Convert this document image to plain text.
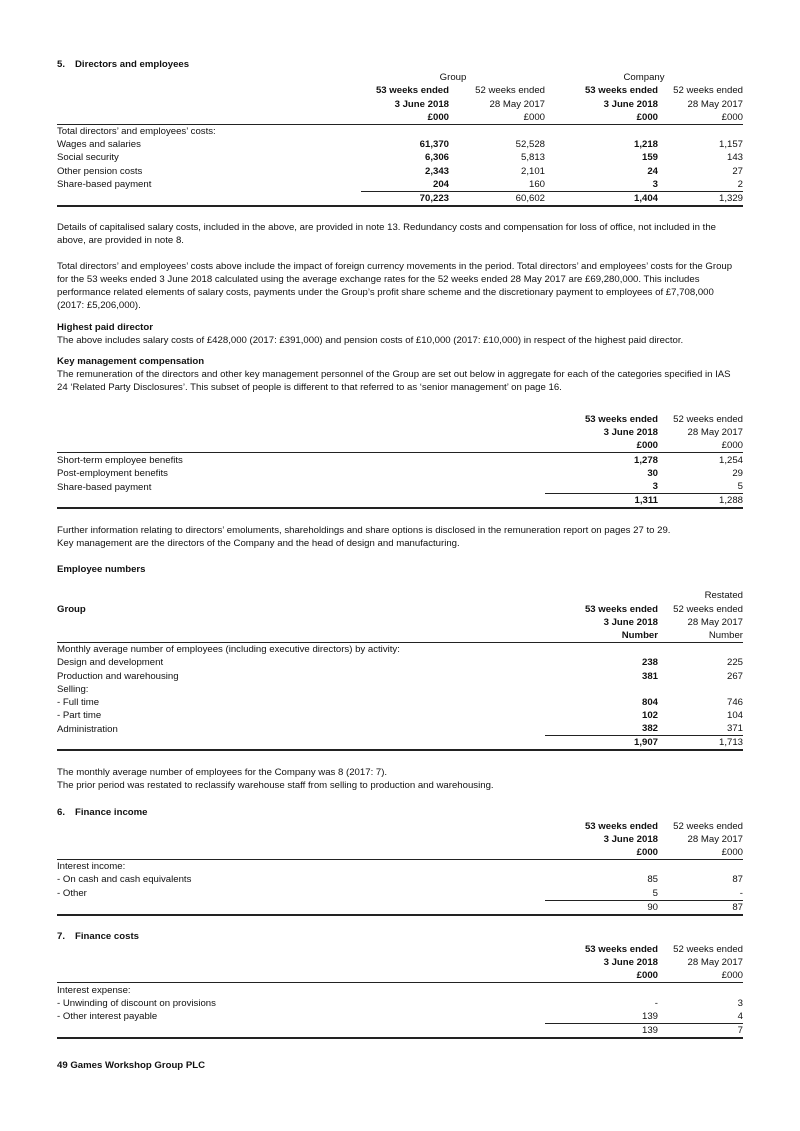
5. Directors and employees
	Group		Company	
	53 weeks ended	52 weeks ended	53 weeks ended	52 weeks ended
	3 June 2018	28 May 2017	3 June 2018	28 May 2017
	£000	£000	£000	£000
Total directors’ and employees’ costs:				
Wages and salaries	61,370	52,528	1,218	1,157
Social security	6,306	5,813	159	143
Other pension costs	2,343	2,101	24	27
Share-based payment	204	160	3	2
	70,223	60,602	1,404	1,329

Details of capitalised salary costs, included in the above, are provided in note 13. Redundancy costs and compensation for loss of office, not included in the above, are provided in note 8.

Total directors’ and employees’ costs above include the impact of foreign currency movements in the period. Total directors’ and employees’ costs for the Group for the 53 weeks ended 3 June 2018 calculated using the average exchange rates for the 52 weeks ended 28 May 2017 are £69,280,000. This includes performance related elements of salary costs, payments under the Group’s profit share scheme and the discretionary payment to employees of £7,708,000 (2017: £5,206,000).

Highest paid director

The above includes salary costs of £428,000 (2017: £391,000) and pension costs of £10,000 (2017: £10,000) in respect of the highest paid director.

Key management compensation

The remuneration of the directors and other key management personnel of the Group are set out below in aggregate for each of the categories specified in IAS 24 ‘Related Party Disclosures’. This subset of people is different to that referred to as ‘senior management’ on page 16.

	53 weeks ended	52 weeks ended
	3 June 2018	28 May 2017
	£000	£000
Short-term employee benefits	1,278	1,254
Post-employment benefits	30	29
Share-based payment	3	5
	1,311	1,288

Further information relating to directors’ emoluments, shareholdings and share options is disclosed in the remuneration report on pages 27 to 29.

Key management are the directors of the Company and the head of design and manufacturing.

Employee numbers

		Restated
Group	53 weeks ended	52 weeks ended
	3 June 2018	28 May 2017
	Number	Number
Monthly average number of employees (including executive directors) by activity:		
Design and development	238	225
Production and warehousing	381	267
Selling:		
- Full time	804	746
- Part time	102	104
Administration	382	371
	1,907	1,713

The monthly average number of employees for the Company was 8 (2017: 7).

The prior period was restated to reclassify warehouse staff from selling to production and warehousing.

6. Finance income
	53 weeks ended	52 weeks ended
	3 June 2018	28 May 2017
	£000	£000
Interest income:		
- On cash and cash equivalents	85	87
- Other	5	-
	90	87
7. Finance costs
	53 weeks ended	52 weeks ended
	3 June 2018	28 May 2017
	£000	£000
Interest expense:		
- Unwinding of discount on provisions	-	3
- Other interest payable	139	4
	139	7
49 Games Workshop Group PLC
